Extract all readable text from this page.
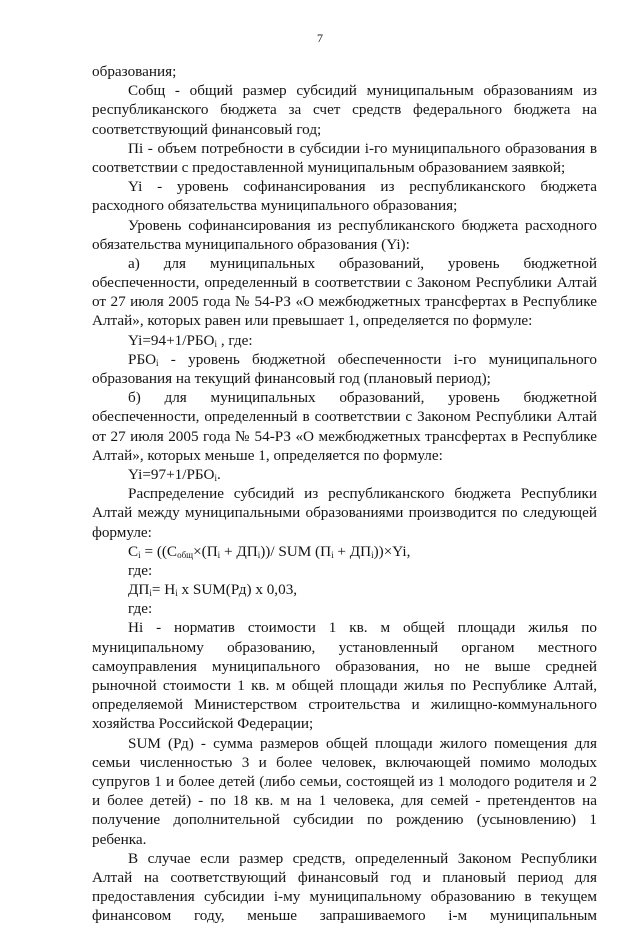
7
образования;
Cобщ - общий размер субсидий муниципальным образованиям из
республиканского бюджета за счет средств федерального бюджета на
соответствующий финансовый год;
Пi - объем потребности в субсидии i-го муниципального образования в
соответствии с предоставленной муниципальным образованием заявкой;
Yi - уровень софинансирования из республиканского бюджета
расходного обязательства муниципального образования;
Уровень софинансирования из республиканского бюджета расходного
обязательства муниципального образования (Yi):
а) для муниципальных образований, уровень бюджетной
обеспеченности, определенный в соответствии с Законом Республики Алтай
от 27 июля 2005 года № 54-РЗ «О межбюджетных трансфертах в Республике
Алтай», которых равен или превышает 1, определяется по формуле:
$Yi=94+1/РБО_i$ , где:
$РБО_i$ - уровень бюджетной обеспеченности i-го муниципального
образования на текущий финансовый год (плановый период);
б) для муниципальных образований, уровень бюджетной
обеспеченности, определенный в соответствии с Законом Республики Алтай
от 27 июля 2005 года № 54-РЗ «О межбюджетных трансфертах в Республике
Алтай», которых меньше 1, определяется по формуле:
$Yi=97+1/РБО_i$.
Распределение субсидий из республиканского бюджета Республики
Алтай между муниципальными образованиями производится по следующей
формуле:
$C_i = ((C_{общ}\times(П_i + ДП_i))/$ SUM $(П_i + ДП_i))\times Yi$,
где:
$ДП_i= Н_i$ x SUM(Рд) x 0,03,
где:
Нi - норматив стоимости 1 кв. м общей площади жилья по
муниципальному образованию, установленный органом местного
самоуправления муниципального образования, но не выше средней
рыночной стоимости 1 кв. м общей площади жилья по Республике Алтай,
определяемой Министерством строительства и жилищно-коммунального
хозяйства Российской Федерации;
SUM (Рд) - сумма размеров общей площади жилого помещения для
семьи численностью 3 и более человек, включающей помимо молодых
супругов 1 и более детей (либо семьи, состоящей из 1 молодого родителя и 2
и более детей) - по 18 кв. м на 1 человека, для семей - претендентов на
получение дополнительной субсидии по рождению (усыновлению) 1
ребенка.
В случае если размер средств, определенный Законом Республики
Алтай на соответствующий финансовый год и плановый период для
предоставления субсидии i-му муниципальному образованию в текущем
финансовом году, меньше запрашиваемого i-м муниципальным
